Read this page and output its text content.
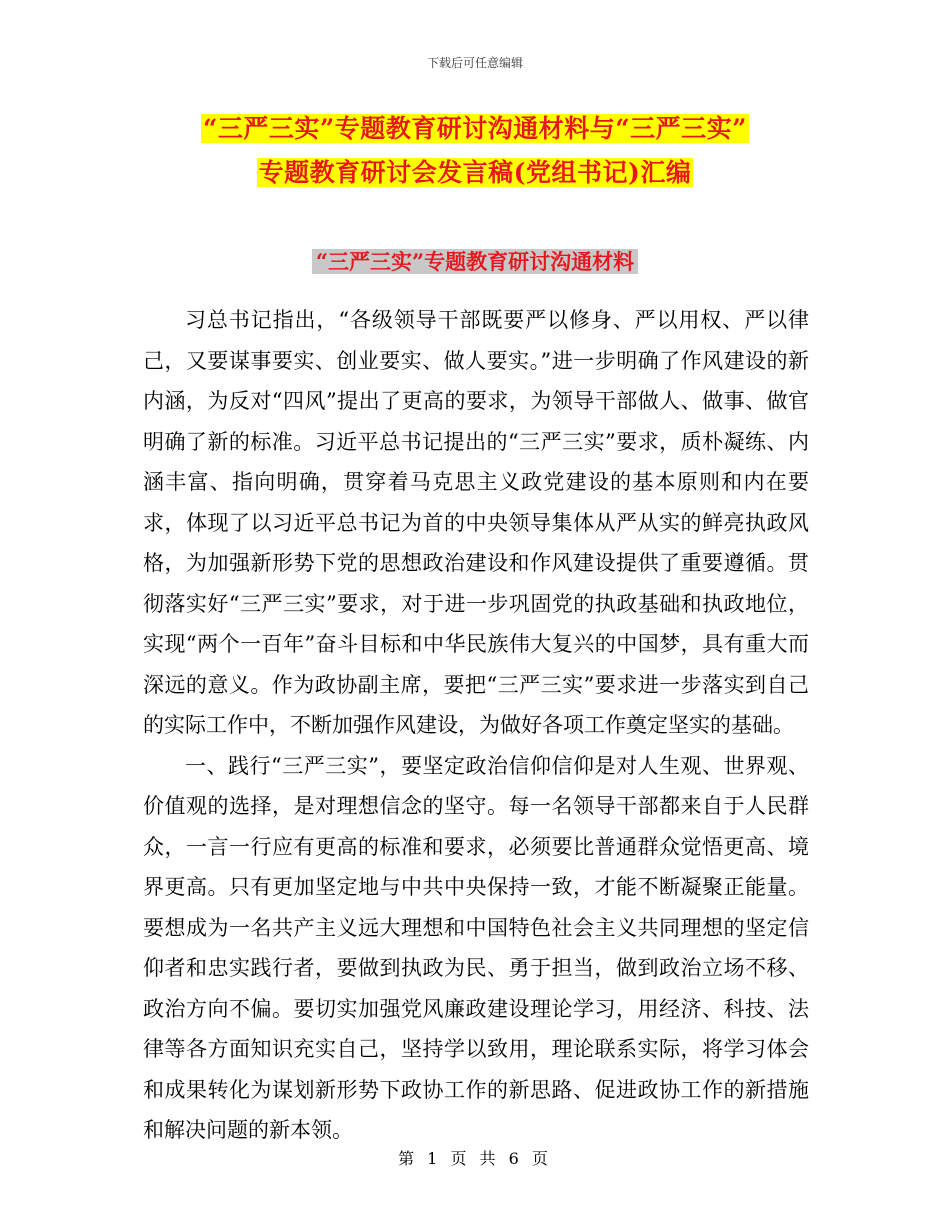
下载后可任意编辑
“三严三实”专题教育研讨沟通材料与“三严三实”
专题教育研讨会发言稿(党组书记)汇编
“三严三实”专题教育研讨沟通材料

习总书记指出，“各级领导干部既要严以修身、严以用权、严以律己，又要谋事要实、创业要实、做人要实。”进一步明确了作风建设的新内涵，为反对“四风”提出了更高的要求，为领导干部做人、做事、做官明确了新的标准。习近平总书记提出的“三严三实”要求，质朴凝练、内涵丰富、指向明确，贯穿着马克思主义政党建设的基本原则和内在要求，体现了以习近平总书记为首的中央领导集体从严从实的鲜亮执政风格，为加强新形势下党的思想政治建设和作风建设提供了重要遵循。贯彻落实好“三严三实”要求，对于进一步巩固党的执政基础和执政地位，实现“两个一百年”奋斗目标和中华民族伟大复兴的中国梦，具有重大而深远的意义。作为政协副主席，要把“三严三实”要求进一步落实到自己的实际工作中，不断加强作风建设，为做好各项工作奠定坚实的基础。

一、践行“三严三实”，要坚定政治信仰信仰是对人生观、世界观、价值观的选择，是对理想信念的坚守。每一名领导干部都来自于人民群众，一言一行应有更高的标准和要求，必须要比普通群众觉悟更高、境界更高。只有更加坚定地与中共中央保持一致，才能不断凝聚正能量。要想成为一名共产主义远大理想和中国特色社会主义共同理想的坚定信仰者和忠实践行者，要做到执政为民、勇于担当，做到政治立场不移、政治方向不偏。要切实加强党风廉政建设理论学习，用经济、科技、法律等各方面知识充实自己，坚持学以致用，理论联系实际，将学习体会和成果转化为谋划新形势下政协工作的新思路、促进政协工作的新措施和解决问题的新本领。

第 1 页 共 6 页
